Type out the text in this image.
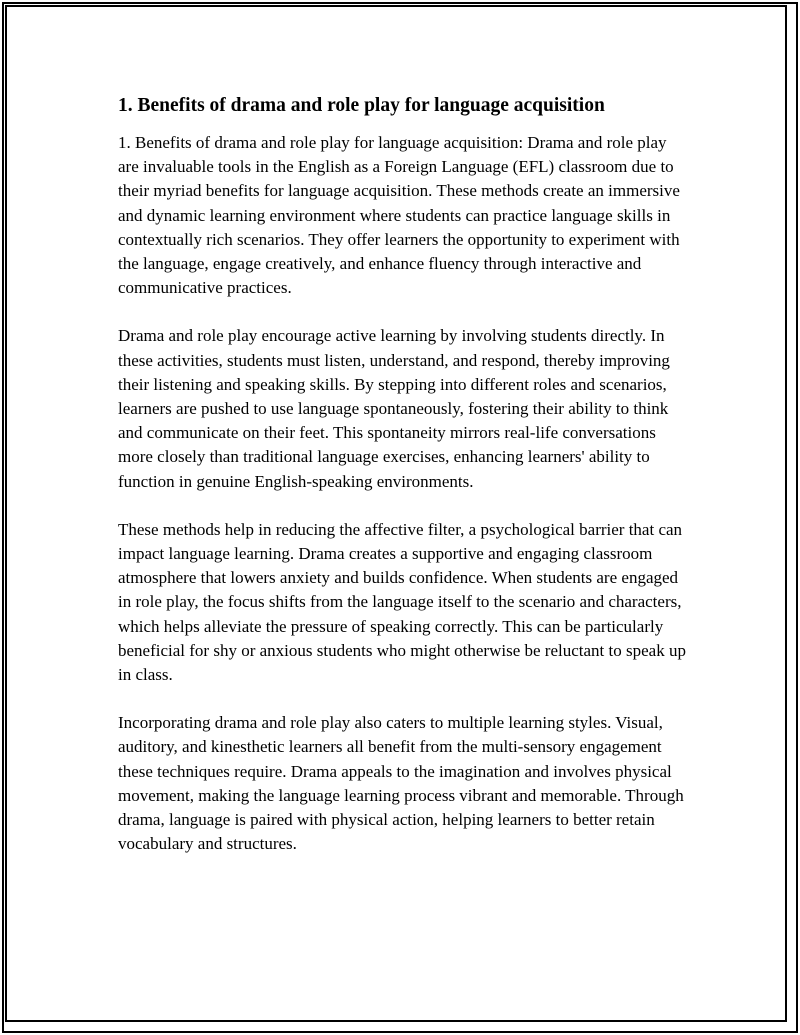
1. Benefits of drama and role play for language acquisition

1. Benefits of drama and role play for language acquisition: Drama and role play are invaluable tools in the English as a Foreign Language (EFL) classroom due to their myriad benefits for language acquisition. These methods create an immersive and dynamic learning environment where students can practice language skills in contextually rich scenarios. They offer learners the opportunity to experiment with the language, engage creatively, and enhance fluency through interactive and communicative practices.

Drama and role play encourage active learning by involving students directly. In these activities, students must listen, understand, and respond, thereby improving their listening and speaking skills. By stepping into different roles and scenarios, learners are pushed to use language spontaneously, fostering their ability to think and communicate on their feet. This spontaneity mirrors real-life conversations more closely than traditional language exercises, enhancing learners' ability to function in genuine English-speaking environments.

These methods help in reducing the affective filter, a psychological barrier that can impact language learning. Drama creates a supportive and engaging classroom atmosphere that lowers anxiety and builds confidence. When students are engaged in role play, the focus shifts from the language itself to the scenario and characters, which helps alleviate the pressure of speaking correctly. This can be particularly beneficial for shy or anxious students who might otherwise be reluctant to speak up in class.

Incorporating drama and role play also caters to multiple learning styles. Visual, auditory, and kinesthetic learners all benefit from the multi-sensory engagement these techniques require. Drama appeals to the imagination and involves physical movement, making the language learning process vibrant and memorable. Through drama, language is paired with physical action, helping learners to better retain vocabulary and structures.
